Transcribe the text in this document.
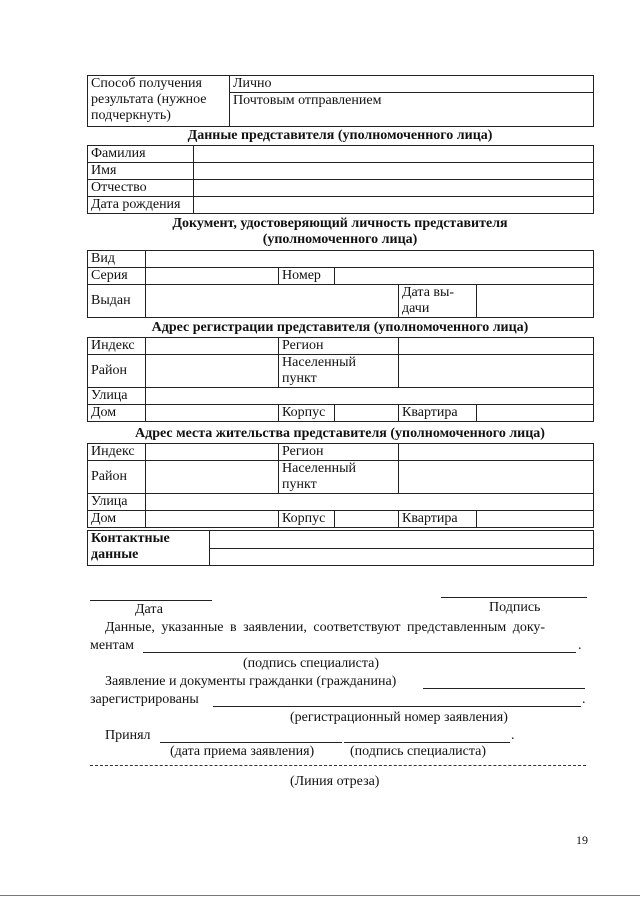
Способ получения
результата (нужное
подчеркнуть)
	Лично
Почтовым отправлением
Данные представителя (уполномоченного лица)
Фамилия	
Имя	
Отчество	
Дата рождения	
Документ, удостоверяющий личность представителя
(уполномоченного лица)
Вид					
Серия		Номер			
Выдан				Дата вы-
дачи	

Адрес регистрации представителя (уполномоченного лица)
Индекс		Регион			
Район		Населенный
пункт			

Улица					
Дом		Корпус		Квартира	
Адрес места жительства представителя (уполномоченного лица)
Индекс		Регион			
Район		Населенный
пункт			

Улица					
Дом		Корпус		Квартира	
Контактные
данные

Дата	Подпись
Данные, указанные в заявлении, соответствуют представленным доку-
ментам	.
(подпись специалиста)
Заявление и документы гражданки (гражданина)
зарегистрированы	.
(регистрационный номер заявления)
Принял	.
(дата приема заявления)	(подпись специалиста)
(Линия отреза)
19
